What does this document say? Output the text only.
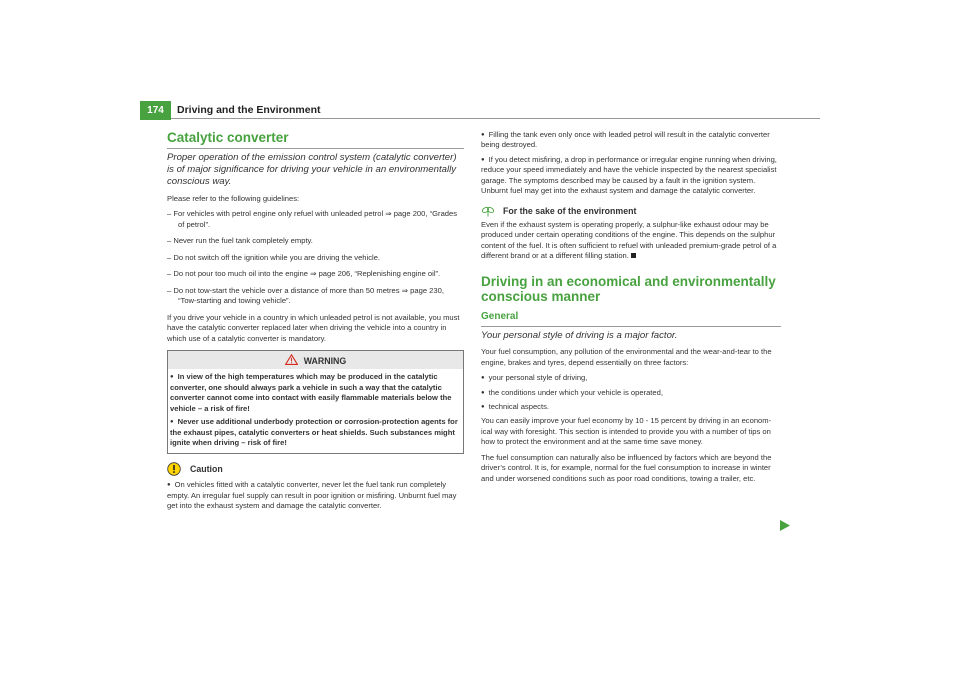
174	Driving and the Environment
Catalytic converter
Proper operation of the emission control system (catalytic converter) is of major significance for driving your vehicle in an environmentally conscious way.

Please refer to the following guidelines:

– For vehicles with petrol engine only refuel with unleaded petrol ⇒ page 200, “Grades of petrol”.
– Never run the fuel tank completely empty.
– Do not switch off the ignition while you are driving the vehicle.
– Do not pour too much oil into the engine ⇒ page 206, “Replenishing engine oil”.
– Do not tow-start the vehicle over a distance of more than 50 metres ⇒ page 230, “Tow-starting and towing vehicle”.

If you drive your vehicle in a country in which unleaded petrol is not available, you must have the catalytic converter replaced later when driving the vehicle into a country in which use of a catalytic converter is mandatory.

WARNING
● In view of the high temperatures which may be produced in the catalytic converter, one should always park a vehicle in such a way that the catalytic converter cannot come into contact with easily flammable materials below the vehicle – a risk of fire!
● Never use additional underbody protection or corrosion-protection agents for the exhaust pipes, catalytic converters or heat shields. Such substances might ignite when driving – risk of fire!
Caution
● On vehicles fitted with a catalytic converter, never let the fuel tank run completely empty. An irregular fuel supply can result in poor ignition or misfiring. Unburnt fuel may get into the exhaust system and damage the catalytic converter.
● Filling the tank even only once with leaded petrol will result in the catalytic converter being destroyed.
● If you detect misfiring, a drop in performance or irregular engine running when driving, reduce your speed immediately and have the vehicle inspected by the nearest specialist garage. The symptoms described may be caused by a fault in the ignition system. Unburnt fuel may get into the exhaust system and damage the catalytic converter.
For the sake of the environment

Even if the exhaust system is operating properly, a sulphur-like exhaust odour may be produced under certain operating conditions of the engine. This depends on the sulphur content of the fuel. It is often sufficient to refuel with unleaded premium-grade petrol of a different brand or at a different filling station.

Driving in an economical and environmentally conscious manner
General
Your personal style of driving is a major factor.

Your fuel consumption, any pollution of the environmental and the wear-and-tear to the engine, brakes and tyres, depend essentially on three factors:

● your personal style of driving,
● the conditions under which your vehicle is operated,
● technical aspects.

You can easily improve your fuel economy by 10 - 15 percent by driving in an econom-ical way with foresight. This section is intended to provide you with a number of tips on how to protect the environment and at the same time save money.

The fuel consumption can naturally also be influenced by factors which are beyond the driver’s control. It is, for example, normal for the fuel consumption to increase in winter and under worsened conditions such as poor road conditions, towing a trailer, etc.
